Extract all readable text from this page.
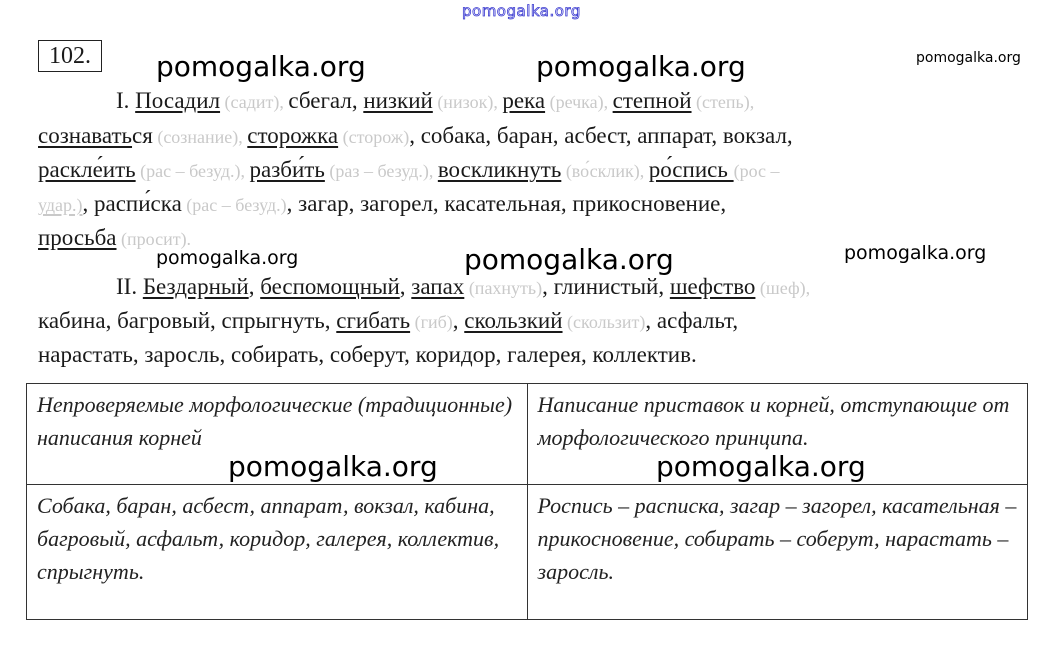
pomogalka.org
pomogalka.org	pomogalka.org	pomogalka.org
pomogalka.org	pomogalka.org	pomogalka.org
102.
I. Посадил (садит), сбегал, низкий (низок), река (речка), степной (степь),
сознаваться (сознание), сторожка (сторож), собака, баран, асбест, аппарат, вокзал,
раскле́ить (рас – безуд.), разби́ть (раз – безуд.), воскликнуть (во́склик), ро́спись (рос –
удар.), распи́ска (рас – безуд.), загар, загорел, касательная, прикосновение,
просьба (просит).
II. Бездарный, беспомощный, запах (пахнуть), глинистый, шефство (шеф),
кабина, багровый, спрыгнуть, сгибать (гиб), скользкий (скользит), асфальт,
нарастать, заросль, собирать, соберут, коридор, галерея, коллектив.
Непроверяемые морфологические (традиционные) написания корней	Написание приставок и корней, отступающие от морфологического принципа.
Собака, баран, асбест, аппарат, вокзал, кабина, багровый, асфальт, коридор, галерея, коллектив, спрыгнуть.	Роспись – расписка, загар – загорел, касательная – прикосновение, собирать – соберут, нарастать – заросль.
pomogalka.org	pomogalka.org
